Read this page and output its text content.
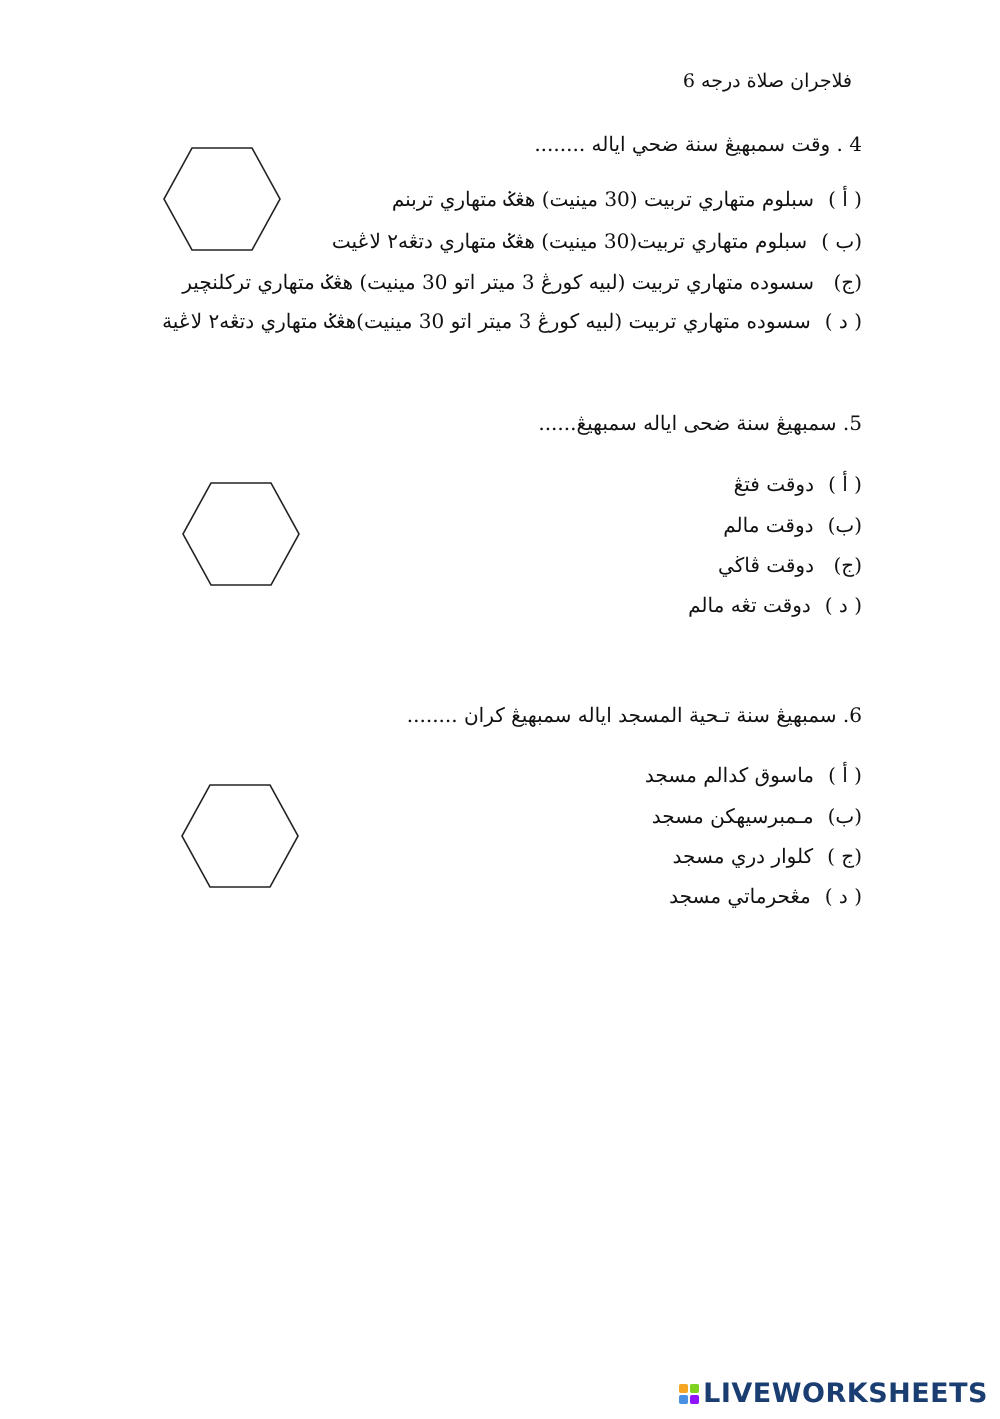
فلاجران صلاة درجه 6
4 . وقت سمبهيڠ سنة ضحي اياله ........
( أ )سبلوم متهاري تربيت (30 مينيت) هڠݢ متهاري تربنم
(ب )سبلوم متهاري تربيت(30 مينيت) هڠݢ متهاري دتڠه٢ لاڠيت
(ج)سسوده متهاري تربيت (لبيه كورڠ 3 ميتر اتو 30 مينيت) هڠݢ متهاري تركلنچير
( د )سسوده متهاري تربيت (لبيه كورڠ 3 ميتر اتو 30 مينيت)هڠݢ متهاري دتڠه٢ لاڠية
5. سمبهيڠ سنة ضحى اياله سمبهيڠ......
( أ )دوقت فتڠ
(ب)دوقت مالم
(ج)دوقت ڤاڬي
( د )دوقت تڠه مالم
6. سمبهيڠ سنة تـحية المسجد اياله سمبهيڠ كران ........
( أ )ماسوق كدالم مسجد
(ب)مـمبرسيهكن مسجد
(ج )كلوار دري مسجد
( د )مڠحرماتي مسجد
LIVEWORKSHEETS
